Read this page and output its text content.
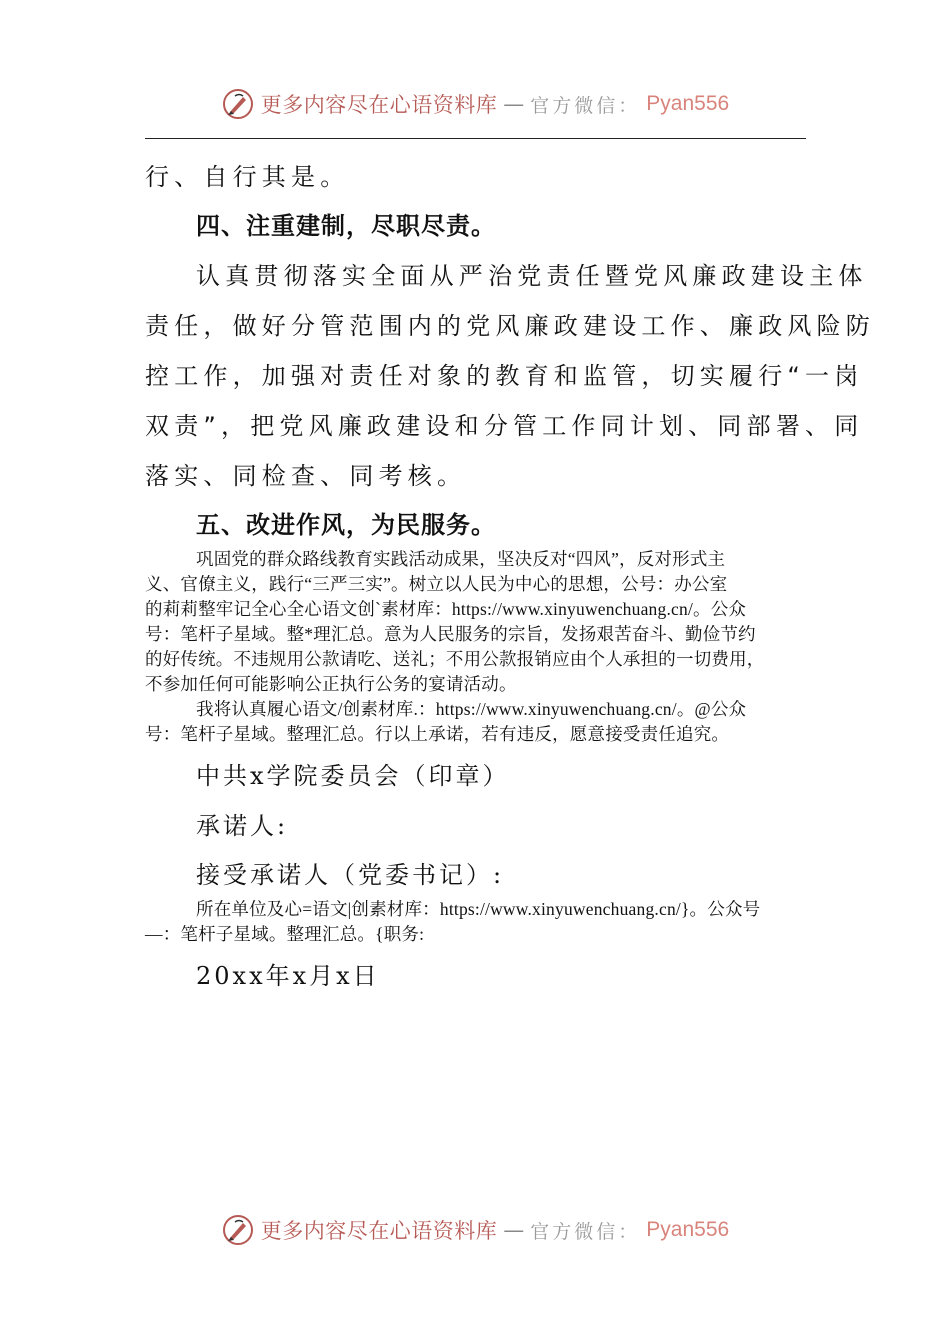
更多内容尽在心语资料库 — 官方微信： Pyan556
行、自行其是。
四、注重建制，尽职尽责。
认真贯彻落实全面从严治党责任暨党风廉政建设主体
责任，做好分管范围内的党风廉政建设工作、廉政风险防
控工作，加强对责任对象的教育和监管，切实履行“一岗
双责”，把党风廉政建设和分管工作同计划、同部署、同
落实、同检查、同考核。
五、改进作风，为民服务。
巩固党的群众路线教育实践活动成果，坚决反对“四风”，反对形式主
义、官僚主义，践行“三严三实”。树立以人民为中心的思想，公号：办公室
的莉莉整牢记全心全心语文创`素材库：https://www.xinyuwenchuang.cn/。公众
号：笔杆子星域。整*理汇总。意为人民服务的宗旨，发扬艰苦奋斗、勤俭节约
的好传统。不违规用公款请吃、送礼；不用公款报销应由个人承担的一切费用，
不参加任何可能影响公正执行公务的宴请活动。
我将认真履心语文/创素材库.：https://www.xinyuwenchuang.cn/。@公众
号：笔杆子星域。整理汇总。行以上承诺，若有违反，愿意接受责任追究。
中共x学院委员会（印章）
承诺人:
接受承诺人（党委书记）:
所在单位及心=语文|创素材库：https://www.xinyuwenchuang.cn/}。公众号
—：笔杆子星域。整理汇总。{职务:
20xx年x月x日
更多内容尽在心语资料库 — 官方微信： Pyan556
